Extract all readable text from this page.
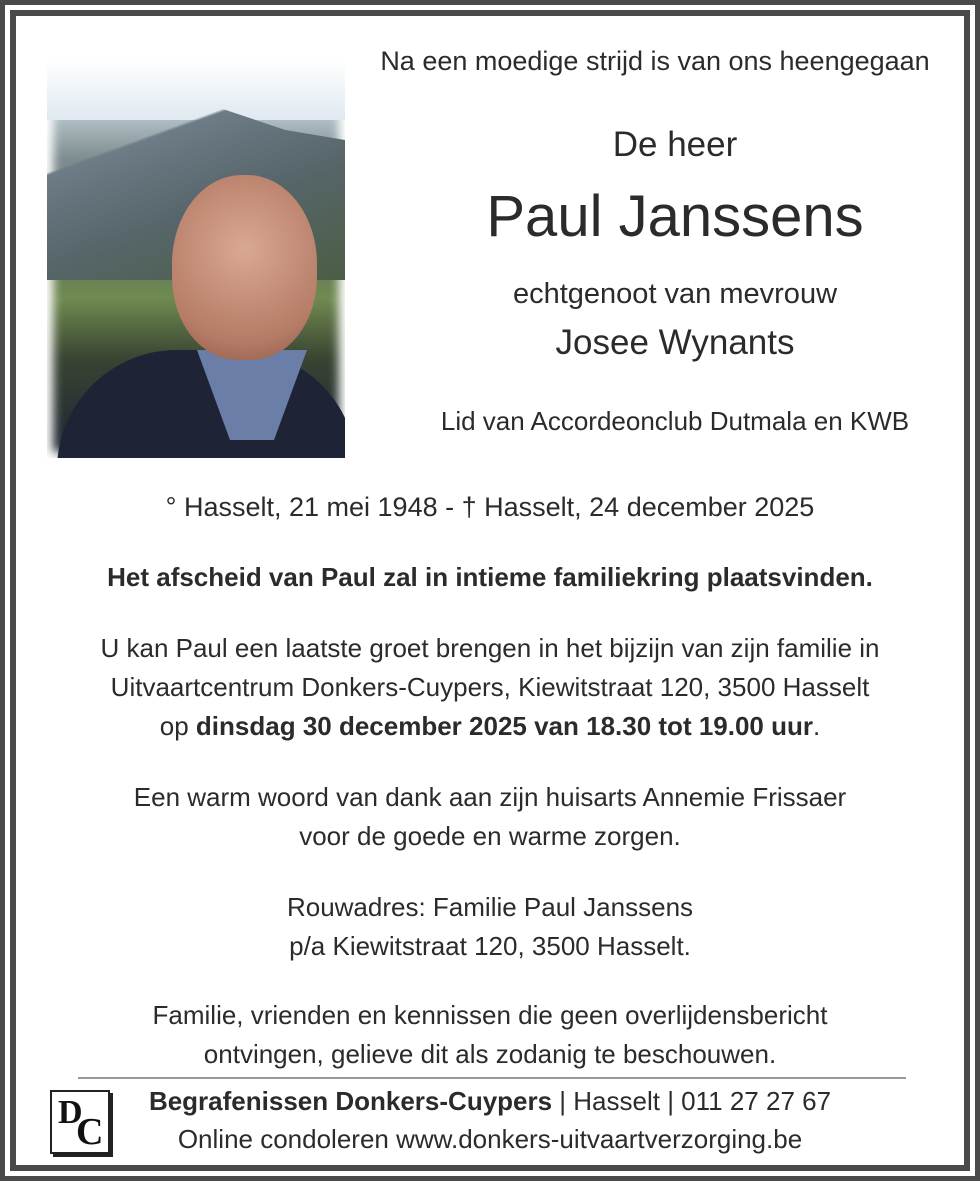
Na een moedige strijd is van ons heengegaan
De heer
Paul Janssens
echtgenoot van mevrouw
Josee Wynants
Lid van Accordeonclub Dutmala en KWB
° Hasselt, 21 mei 1948 - † Hasselt, 24 december 2025
Het afscheid van Paul zal in intieme familiekring plaatsvinden.
U kan Paul een laatste groet brengen in het bijzijn van zijn familie in
Uitvaartcentrum Donkers-Cuypers, Kiewitstraat 120, 3500 Hasselt
op dinsdag 30 december 2025 van 18.30 tot 19.00 uur.
Een warm woord van dank aan zijn huisarts Annemie Frissaer
voor de goede en warme zorgen.
Rouwadres: Familie Paul Janssens
p/a Kiewitstraat 120, 3500 Hasselt.
Familie, vrienden en kennissen die geen overlijdensbericht
ontvingen, gelieve dit als zodanig te beschouwen.
D
C
Begrafenissen Donkers-Cuypers | Hasselt | 011 27 27 67
Online condoleren www.donkers-uitvaartverzorging.be
